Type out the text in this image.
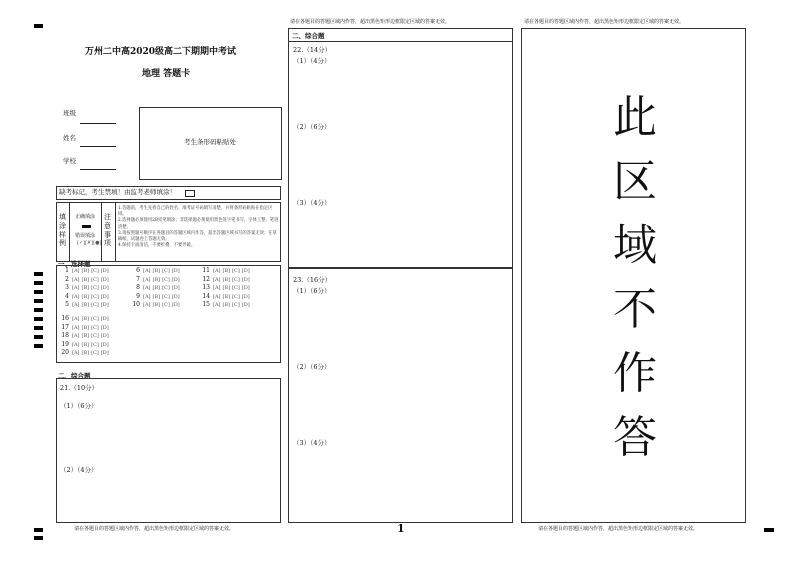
请在各题目的答题区域内作答，超出黑色矩形边框限定区域的答案无效。	请在各题目的答题区域内作答，超出黑色矩形边框限定区域的答案无效。
万州二中高2020级高二下期期中考试
地理 答题卡
班级
姓名
学校
考生条形码粘贴处
缺考标记，考生禁填！由监考老师填涂！
填涂样例
正确填涂
错误填涂
[✓][✗][●]
注意事项
1.答题前，考生先将自己的姓名、准考证号码填写清楚，并将条形码粘贴在指定区域。
2.选择题必须使用2B铅笔填涂；非选择题必须使用黑色签字笔书写，字体工整、笔迹清楚。
3.请按照题号顺序在各题目的答题区域内作答，超出答题区域书写的答案无效；在草稿纸、试题卷上答题无效。
4.保持卡面清洁，不要折叠、不要弄破。
一、选择题
1 [A] [B] [C] [D]
2 [A] [B] [C] [D]
3 [A] [B] [C] [D]
4 [A] [B] [C] [D]
5 [A] [B] [C] [D]
6 [A] [B] [C] [D]
7 [A] [B] [C] [D]
8 [A] [B] [C] [D]
9 [A] [B] [C] [D]
10 [A] [B] [C] [D]
11 [A] [B] [C] [D]
12 [A] [B] [C] [D]
13 [A] [B] [C] [D]
14 [A] [B] [C] [D]
15 [A] [B] [C] [D]
16 [A] [B] [C] [D]
17 [A] [B] [C] [D]
18 [A] [B] [C] [D]
19 [A] [B] [C] [D]
20 [A] [B] [C] [D]
二、综合题
21.（10分）
（1）（6分）
（2）（4分）
请在各题目的答题区域内作答，超出黑色矩形边框限定区域的答案无效。
二、综合题
22.（14分）
（1）（4分）
（2）（6分）
（3）（4分）
23.（16分）
（1）（6分）
（2）（6分）
（3）（4分）
1
此
区
域
不
作
答
请在各题目的答题区域内作答，超出黑色矩形边框限定区域的答案无效。
